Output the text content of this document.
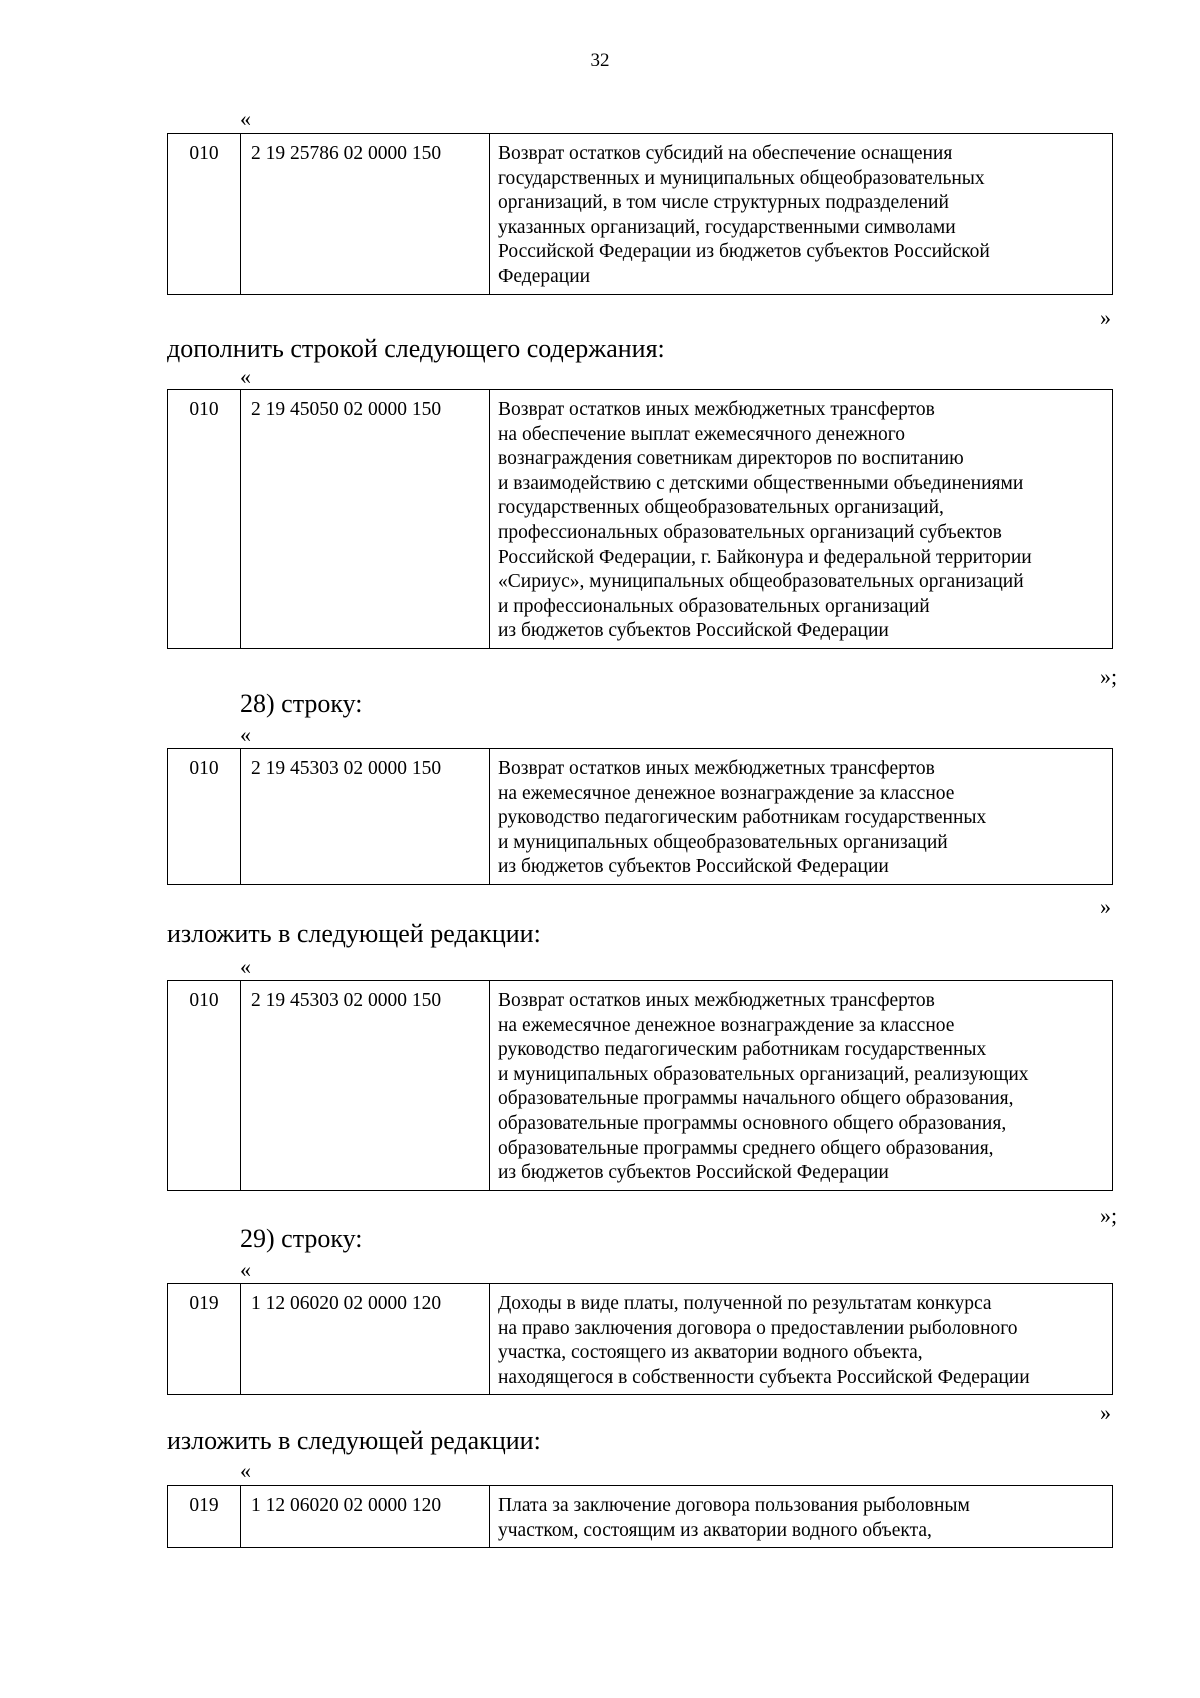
32
«
010	2 19 25786 02 0000 150	Возврат остатков субсидий на обеспечение оснащения
государственных и муниципальных общеобразовательных
организаций, в том числе структурных подразделений
указанных организаций, государственными символами
Российской Федерации из бюджетов субъектов Российской
Федерации
»
дополнить строкой следующего содержания:
«
010	2 19 45050 02 0000 150	Возврат остатков иных межбюджетных трансфертов
на обеспечение выплат ежемесячного денежного
вознаграждения советникам директоров по воспитанию
и взаимодействию с детскими общественными объединениями
государственных общеобразовательных организаций,
профессиональных образовательных организаций субъектов
Российской Федерации, г. Байконура и федеральной территории
«Сириус», муниципальных общеобразовательных организаций
и профессиональных образовательных организаций
из бюджетов субъектов Российской Федерации
»;
28) строку:
«
010	2 19 45303 02 0000 150	Возврат остатков иных межбюджетных трансфертов
на ежемесячное денежное вознаграждение за классное
руководство педагогическим работникам государственных
и муниципальных общеобразовательных организаций
из бюджетов субъектов Российской Федерации
»
изложить в следующей редакции:
«
010	2 19 45303 02 0000 150	Возврат остатков иных межбюджетных трансфертов
на ежемесячное денежное вознаграждение за классное
руководство педагогическим работникам государственных
и муниципальных образовательных организаций, реализующих
образовательные программы начального общего образования,
образовательные программы основного общего образования,
образовательные программы среднего общего образования,
из бюджетов субъектов Российской Федерации
»;
29) строку:
«
019	1 12 06020 02 0000 120	Доходы в виде платы, полученной по результатам конкурса
на право заключения договора о предоставлении рыболовного
участка, состоящего из акватории водного объекта,
находящегося в собственности субъекта Российской Федерации
»
изложить в следующей редакции:
«
019	1 12 06020 02 0000 120	Плата за заключение договора пользования рыболовным
участком, состоящим из акватории водного объекта,
